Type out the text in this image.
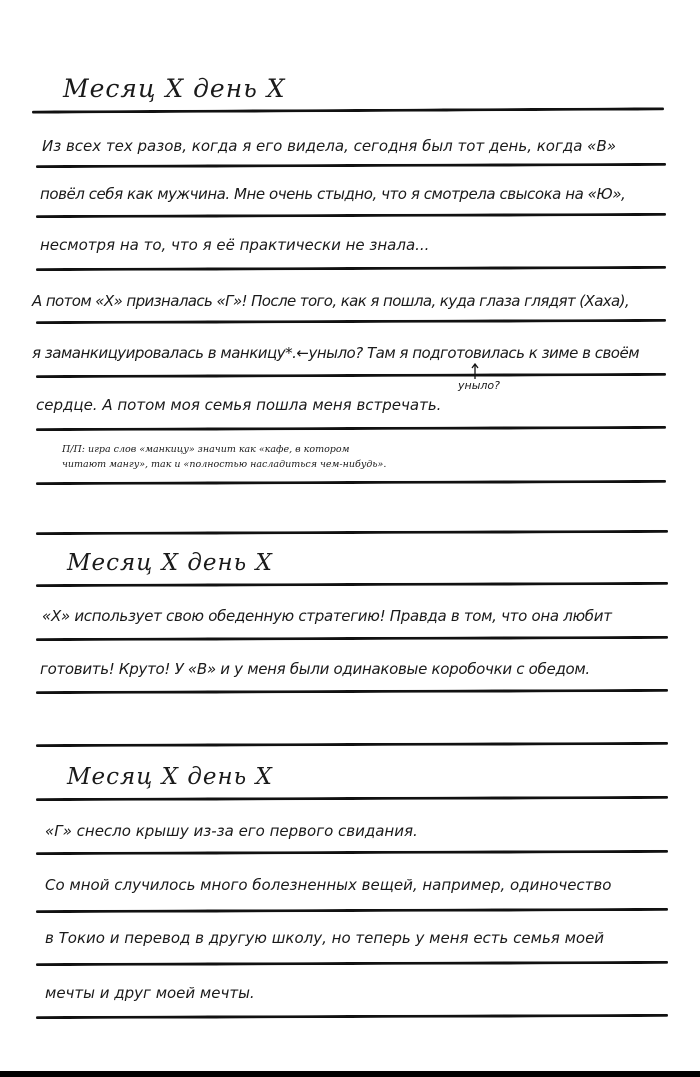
Месяц Х день Х
Из всех тех разов, когда я его видела, сегодня был тот день, когда «В»
повёл себя как мужчина. Мне очень стыдно, что я смотрела свысока на «Ю»,
несмотря на то, что я её практически не знала...
А потом «Х» призналась «Г»! После того, как я пошла, куда глаза глядят (Хаха),
я заманкицуировалась в манкицу*.←уныло? Там я подготовилась к зиме в своём
уныло?
сердце. А потом моя семья пошла меня встречать.
П/П: игра слов «манкицу» значит как «кафе, в котором
читают мангу», так и «полностью насладиться чем-нибудь».
Месяц Х день Х
«Х» использует свою обеденную стратегию! Правда в том, что она любит
готовить! Круто! У «В» и у меня были одинаковые коробочки с обедом.
Месяц Х день Х
«Г» снесло крышу из-за его первого свидания.
Со мной случилось много болезненных вещей, например, одиночество
в Токио и перевод в другую школу, но теперь у меня есть семья моей
мечты и друг моей мечты.
